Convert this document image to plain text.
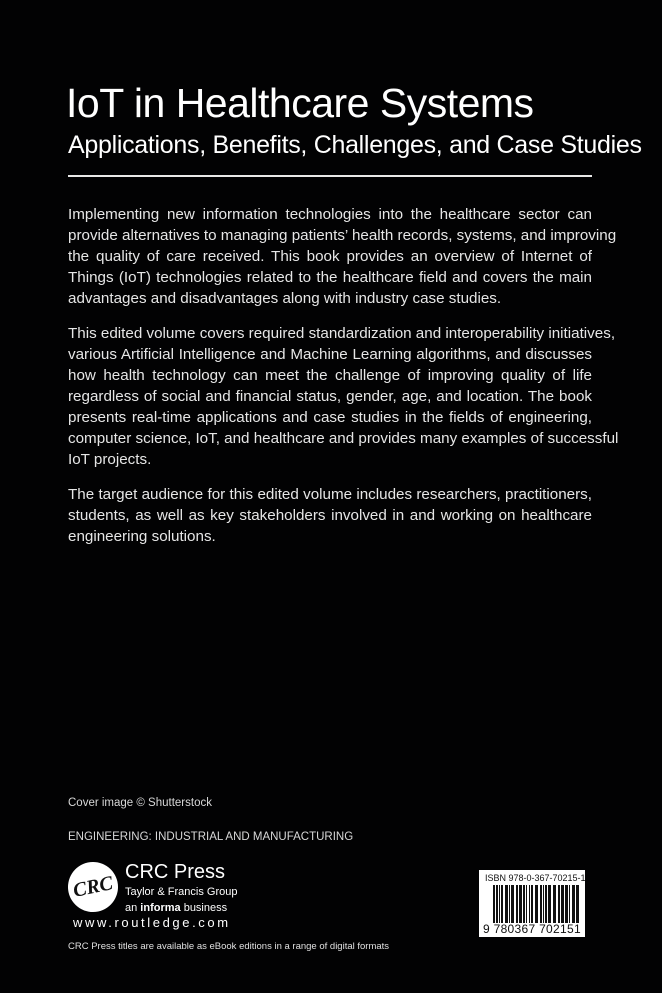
IoT in Healthcare Systems
Applications, Benefits, Challenges, and Case Studies
Implementing new information technologies into the healthcare sector can
provide alternatives to managing patients’ health records, systems, and improving
the quality of care received. This book provides an overview of Internet of
Things (IoT) technologies related to the healthcare field and covers the main
advantages and disadvantages along with industry case studies.
This edited volume covers required standardization and interoperability initiatives,
various Artificial Intelligence and Machine Learning algorithms, and discusses
how health technology can meet the challenge of improving quality of life
regardless of social and financial status, gender, age, and location. The book
presents real-time applications and case studies in the fields of engineering,
computer science, IoT, and healthcare and provides many examples of successful
IoT projects.
The target audience for this edited volume includes researchers, practitioners,
students, as well as key stakeholders involved in and working on healthcare
engineering solutions.
Cover image © Shutterstock
ENGINEERING: INDUSTRIAL AND MANUFACTURING
CRC CRC Press
Taylor & Francis Group
an informa business
www.routledge.com
CRC Press titles are available as eBook editions in a range of digital formats
ISBN 978-0-367-70215-1
9 780367 702151
